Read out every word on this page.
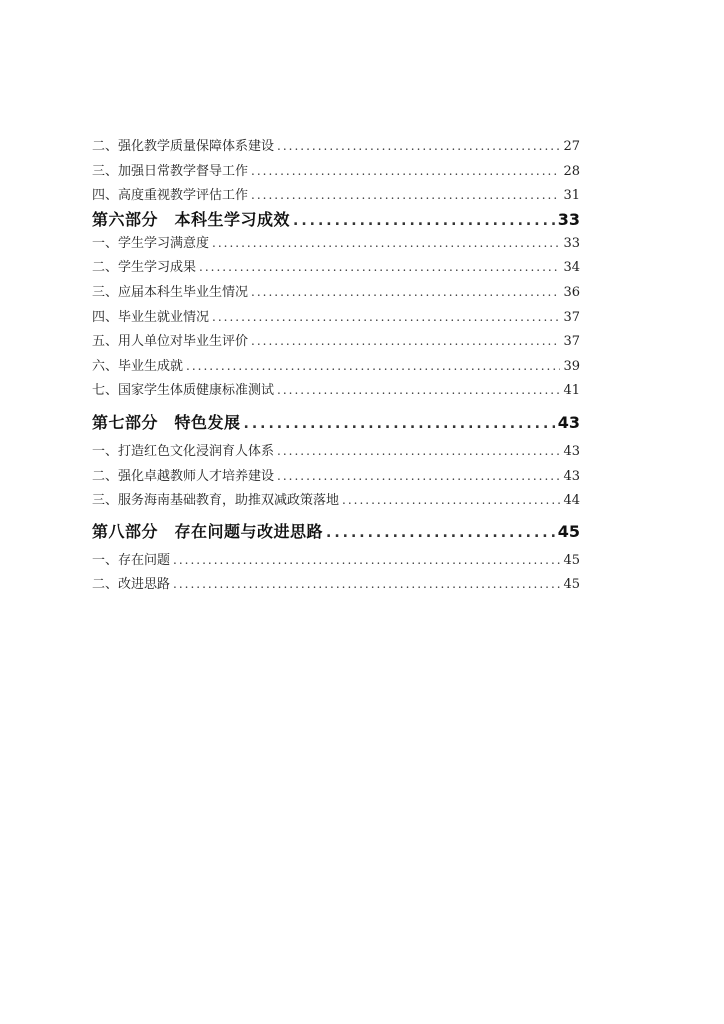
二、强化教学质量保障体系建设 .....	27
三、加强日常教学督导工作 .....	28
四、高度重视教学评估工作 .....	31
第六部分　本科生学习成效 .....	33
一、学生学习满意度 .....	33
二、学生学习成果 .....	34
三、应届本科生毕业生情况 .....	36
四、毕业生就业情况 .....	37
五、用人单位对毕业生评价 .....	37
六、毕业生成就 .....	39
七、国家学生体质健康标准测试 .....	41
第七部分　特色发展 .....	43
一、打造红色文化浸润育人体系 .....	43
二、强化卓越教师人才培养建设 .....	43
三、服务海南基础教育，助推双减政策落地 .....	44
第八部分　存在问题与改进思路 .....	45
一、存在问题 .....	45
二、改进思路 .....	45
